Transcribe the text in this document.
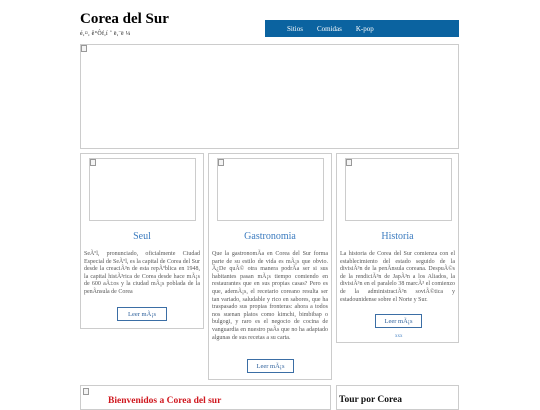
Corea del Sur
é,¤, ê°Ôf,í ˚ ë,¨ë ¼
Sitios Comidas K-pop
Seul
SeÃºl, pronunciado, oficialmente Ciudad Especial de SeÃºl, es la capital de Corea del Sur desde la creaciÃ³n de esta repÃºblica en 1948, la capital histÃ³rica de Corea desde hace mÃ¡s de 600 aÃ±os y la ciudad mÃ¡s poblada de la penÃnsula de Corea
Leer mÃ¡s
Gastronomia
Que la gastronomÃa en Corea del Sur forma parte de su estilo de vida es mÃ¡s que obvio. Â¿De quÃ© otra manera podrÃa ser si sus habitantes pasan mÃ¡s tiempo comiendo en restaurantes que en sus propias casas? Pero es que, ademÃ¡s, el recetario coreano resulta ser tan variado, saludable y rico en sabores, que ha traspasado sus propias fronteras: ahora a todos nos suenan platos como kimchi, bimbibap o bulgogi, y raro es el negocio de cocina de vanguardia en nuestro paÃs que no ha adaptado algunas de sus recetas a su carta.
Leer mÃ¡s
Historia
La historia de Corea del Sur comienza con el establecimiento del estado seguido de la divisiÃ³n de la penÃnsula coreana. DespuÃ©s de la rendiciÃ³n de JapÃ³n a los Aliados, la divisiÃ³n en el paralelo 38 marcÃ³ el comienzo de la administraciÃ³n soviÃ©tica y estadounidense sobre el Norte y Sur.
Leer mÃ¡s
xxx
Bienvenidos a Corea del sur	Tour por Corea
